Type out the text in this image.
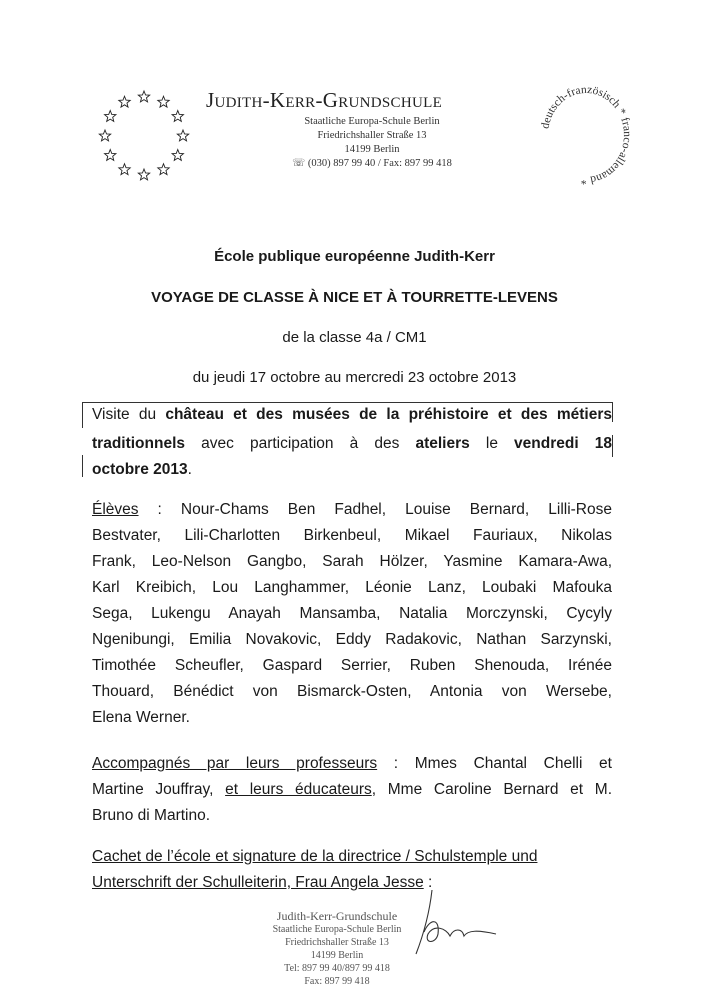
Judith-Kerr-Grundschule
Staatliche Europa-Schule Berlin
Friedrichshaller Straße 13
14199 Berlin
☏ (030) 897 99 40 / Fax: 897 99 418
deutsch-französisch * franco-allemand *
École publique européenne Judith-Kerr
VOYAGE DE CLASSE À NICE ET À TOURRETTE-LEVENS
de la classe 4a / CM1
du jeudi 17 octobre au mercredi 23 octobre 2013
Visite du château et des musées de la préhistoire et des métiers
traditionnels avec participation à des ateliers le vendredi 18
octobre 2013.
Élèves : Nour-Chams Ben Fadhel, Louise Bernard, Lilli-Rose
Bestvater, Lili-Charlotten Birkenbeul, Mikael Fauriaux, Nikolas
Frank, Leo-Nelson Gangbo, Sarah Hölzer, Yasmine Kamara-Awa,
Karl Kreibich, Lou Langhammer, Léonie Lanz, Loubaki Mafouka
Sega, Lukengu Anayah Mansamba, Natalia Morczynski, Cycyly
Ngenibungi, Emilia Novakovic, Eddy Radakovic, Nathan Sarzynski,
Timothée Scheufler, Gaspard Serrier, Ruben Shenouda, Irénée
Thouard, Bénédict von Bismarck-Osten, Antonia von Wersebe,
Elena Werner.
Accompagnés par leurs professeurs : Mmes Chantal Chelli et
Martine Jouffray, et leurs éducateurs, Mme Caroline Bernard et M.
Bruno di Martino.
Cachet de l’école et signature de la directrice / Schulstemple und
Unterschrift der Schulleiterin, Frau Angela Jesse :
Judith-Kerr-Grundschule
Staatliche Europa-Schule Berlin
Friedrichshaller Straße 13
14199 Berlin
Tel: 897 99 40/897 99 418
Fax: 897 99 418
